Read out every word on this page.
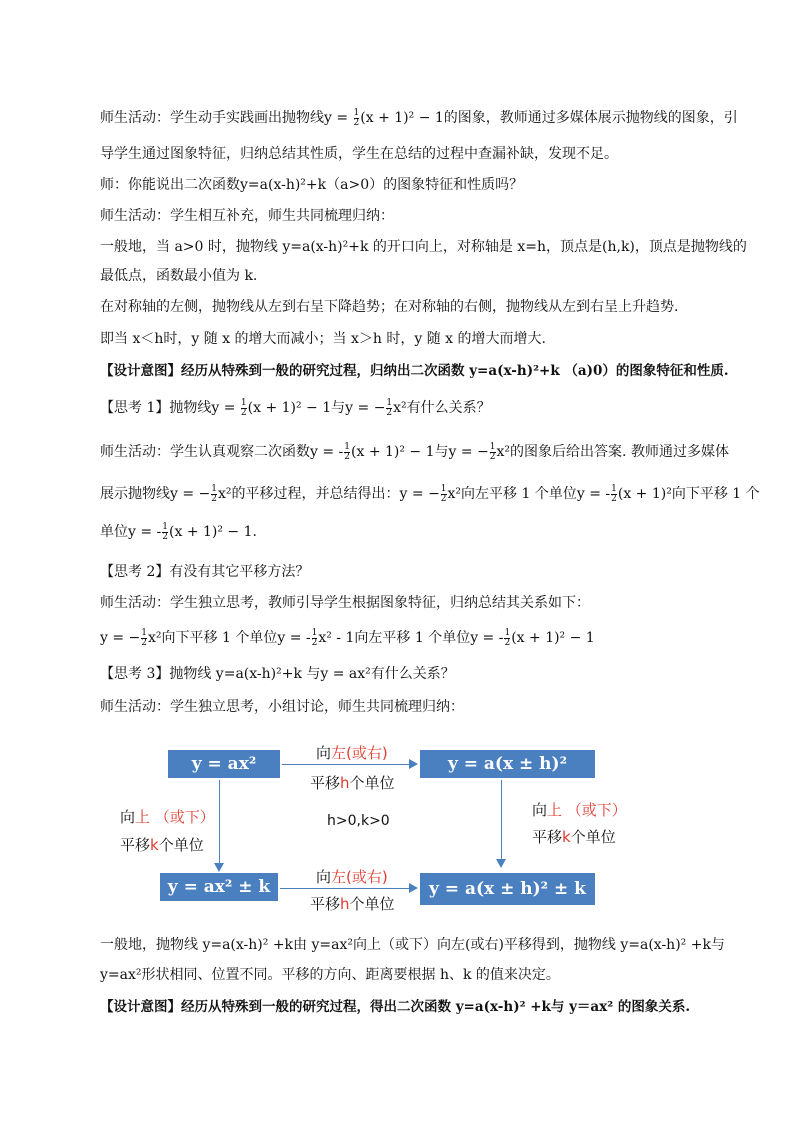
师生活动：学生动手实践画出抛物线$y = \frac{1}{2} (x + 1)^2 - 1$的图象，教师通过多媒体展示抛物线的图象，引
导学生通过图象特征，归纳总结其性质，学生在总结的过程中查漏补缺，发现不足。
师：你能说出二次函数y=a(x-h)²+k（a>0）的图象特征和性质吗？
师生活动：学生相互补充，师生共同梳理归纳：
一般地，当 a>0 时，抛物线 y=a(x-h)²+k 的开口向上，对称轴是 x=h，顶点是(h,k)，顶点是抛物线的
最低点，函数最小值为 k.
在对称轴的左侧，抛物线从左到右呈下降趋势；在对称轴的右侧，抛物线从左到右呈上升趋势.
即当 x＜h时，y 随 x 的增大而减小；当 x＞h 时，y 随 x 的增大而增大.
【设计意图】经历从特殊到一般的研究过程，归纳出二次函数 y=a(x-h)²+k （a)0）的图象特征和性质.
【思考 1】抛物线$y = \frac{1}{2} (x + 1)^2 - 1$与y = − $\frac{1}{2} x^2$有什么关系？
师生活动：学生认真观察二次函数y = - $\frac{1}{2} (x + 1)^2 - 1$与y = − $\frac{1}{2} x^2$的图象后给出答案. 教师通过多媒体
展示抛物线y = − $\frac{1}{2} x^2$的平移过程，并总结得出：y = − $\frac{1}{2} x^2$向左平移 1 个单位y = - $\frac{1}{2} (x + 1)^2$向下平移 1 个
单位y = - $\frac{1}{2} (x + 1)^2 - 1$.
【思考 2】有没有其它平移方法？
师生活动：学生独立思考，教师引导学生根据图象特征，归纳总结其关系如下：
y = − $\frac{1}{2} x^2$向下平移 1 个单位y = - $\frac{1}{2} x^2 - 1$向左平移 1 个单位y = - $\frac{1}{2} (x + 1)^2 - 1$
【思考 3】抛物线 y=a(x-h)²+k 与y = ax²有什么关系？
师生活动：学生独立思考，小组讨论，师生共同梳理归纳：
y = ax²	y = a(x ± h)²
y = ax² ± k	y = a(x ± h)² ± k
向左(或右)
平移h个单位
向左(或右)
平移h个单位
向上 （或下）
平移k个单位
向上 （或下）
平移k个单位
h>0,k>0
一般地，抛物线 y=a(x-h)² +k由 y=ax²向上（或下）向左(或右)平移得到，抛物线 y=a(x-h)² +k与
y=ax²形状相同、位置不同。平移的方向、距离要根据 h、k 的值来决定。
【设计意图】经历从特殊到一般的研究过程，得出二次函数 y=a(x-h)² +k与 y＝ax² 的图象关系.
